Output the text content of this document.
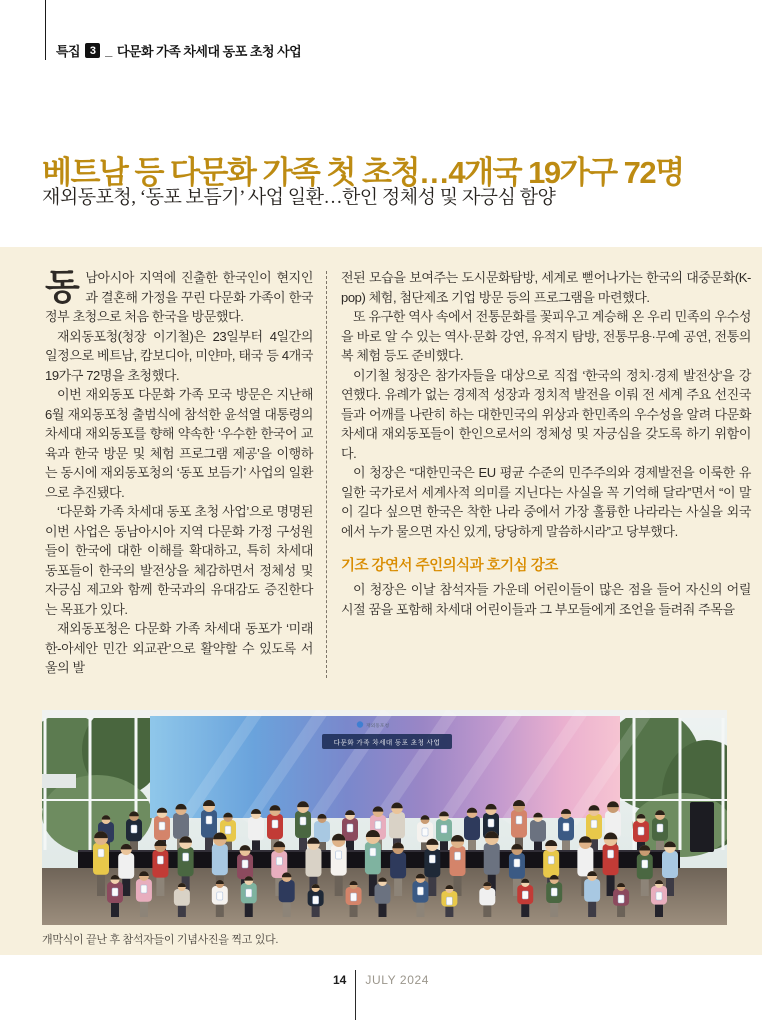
특집 3 _ 다문화 가족 차세대 동포 초청 사업
베트남 등 다문화 가족 첫 초청…4개국 19가구 72명
재외동포청, ‘동포 보듬기’ 사업 일환…한인 정체성 및 자긍심 함양

동남아시아 지역에 진출한 한국인이 현지인과 결혼해 가정을 꾸린 다문화 가족이 한국 정부 초청으로 처음 한국을 방문했다.

재외동포청(청장 이기철)은 23일부터 4일간의 일정으로 베트남, 캄보디아, 미얀마, 태국 등 4개국 19가구 72명을 초청했다.

이번 재외동포 다문화 가족 모국 방문은 지난해 6월 재외동포청 출범식에 참석한 윤석열 대통령의 차세대 재외동포를 향해 약속한 ‘우수한 한국어 교육과 한국 방문 및 체험 프로그램 제공’을 이행하는 동시에 재외동포청의 ‘동포 보듬기’ 사업의 일환으로 추진됐다.

‘다문화 가족 차세대 동포 초청 사업’으로 명명된 이번 사업은 동남아시아 지역 다문화 가정 구성원들이 한국에 대한 이해를 확대하고, 특히 차세대 동포들이 한국의 발전상을 체감하면서 정체성 및 자긍심 제고와 함께 한국과의 유대감도 증진한다는 목표가 있다.

재외동포청은 다문화 가족 차세대 동포가 ‘미래 한-아세안 민간 외교관’으로 활약할 수 있도록 서울의 발

전된 모습을 보여주는 도시문화탐방, 세계로 뻗어나가는 한국의 대중문화(K-pop) 체험, 첨단제조 기업 방문 등의 프로그램을 마련했다.

또 유구한 역사 속에서 전통문화를 꽃피우고 계승해 온 우리 민족의 우수성을 바로 알 수 있는 역사·문화 강연, 유적지 탐방, 전통무용·무예 공연, 전통의복 체험 등도 준비했다.

이기철 청장은 참가자들을 대상으로 직접 ‘한국의 정치·경제 발전상’을 강연했다. 유례가 없는 경제적 성장과 정치적 발전을 이뤄 전 세계 주요 선진국들과 어깨를 나란히 하는 대한민국의 위상과 한민족의 우수성을 알려 다문화 차세대 재외동포들이 한인으로서의 정체성 및 자긍심을 갖도록 하기 위함이다.

이 청장은 “대한민국은 EU 평균 수준의 민주주의와 경제발전을 이룩한 유일한 국가로서 세계사적 의미를 지닌다는 사실을 꼭 기억해 달라”면서 “이 말이 길다 싶으면 한국은 착한 나라 중에서 가장 훌륭한 나라라는 사실을 외국에서 누가 물으면 자신 있게, 당당하게 말씀하시라”고 당부했다.

기조 강연서 주인의식과 호기심 강조

이 청장은 이날 참석자들 가운데 어린이들이 많은 점을 들어 자신의 어릴 시절 꿈을 포함해 차세대 어린이들과 그 부모들에게 조언을 들려줘 주목을

재외동포청
다문화 가족 차세대 동포 초청 사업
개막식이 끝난 후 참석자들이 기념사진을 찍고 있다.
14 JULY 2024
